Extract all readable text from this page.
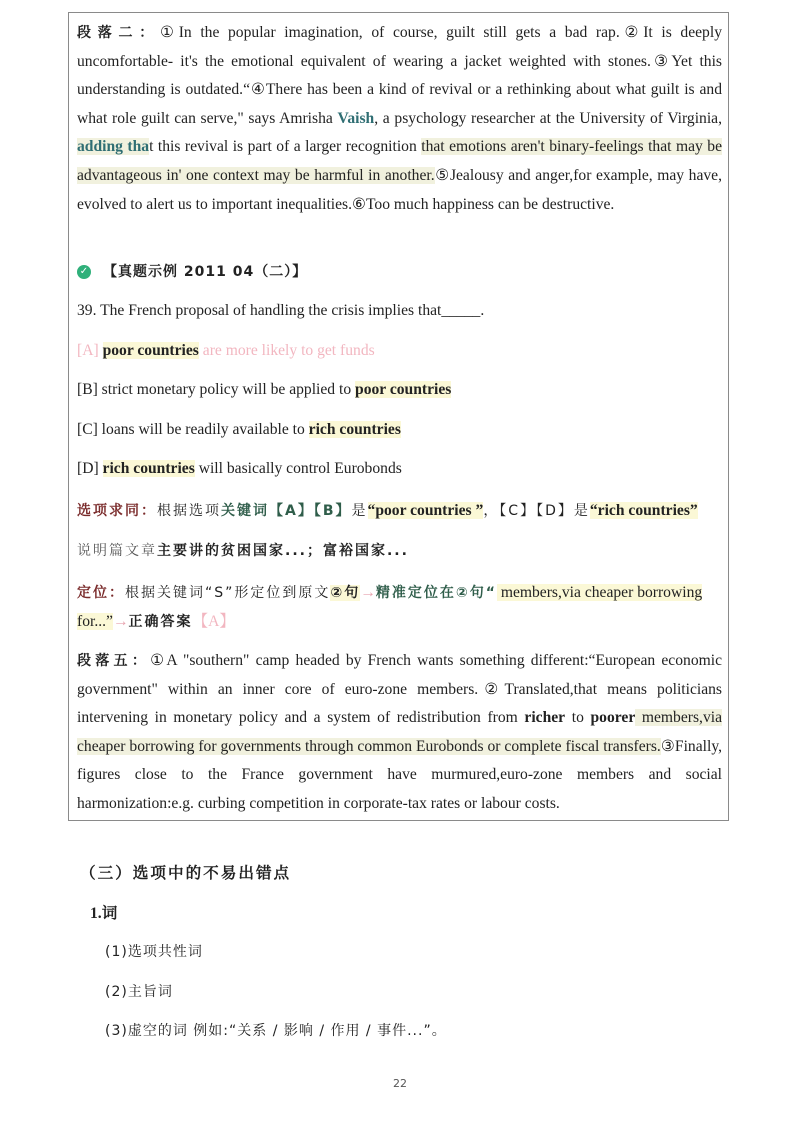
段落二：①In the popular imagination, of course, guilt still gets a bad rap.②It is deeply uncomfortable- it's the emotional equivalent of wearing a jacket weighted with stones.③Yet this understanding is outdated.“④There has been a kind of revival or a rethinking about what guilt is and what role guilt can serve," says Amrisha Vaish, a psychology researcher at the University of Virginia, adding that this revival is part of a larger recognition that emotions aren't binary-feelings that may be advantageous in' one context may be harmful in another.⑤Jealousy and anger,for example, may have, evolved to alert us to important inequalities.⑥Too much happiness can be destructive.

✓ 【真题示例 2011 04（二）】
39. The French proposal of handling the crisis implies that_____.
[A] poor countries are more likely to get funds
[B] strict monetary policy will be applied to poor countries
[C] loans will be readily available to rich countries
[D] rich countries will basically control Eurobonds
选项求同：根据选项关键词【A】【B】是“poor countries ”，【C】【D】是“rich countries”
说明篇文章主要讲的贫困国家...；富裕国家...
定位：根据关键词“S”形定位到原文②句→精准定位在②句“ members,via cheaper borrowing for...”→正确答案【A】

段落五：①A "southern" camp headed by French wants something different:“European economic government" within an inner core of euro-zone members.②Translated,that means politicians intervening in monetary policy and a system of redistribution from richer to poorer members,via cheaper borrowing for governments through common Eurobonds or complete fiscal transfers.③Finally, figures close to the France government have murmured,euro-zone members and social harmonization:e.g. curbing competition in corporate-tax rates or labour costs.

（三）选项中的不易出错点
1.词
(1)选项共性词
(2)主旨词
(3)虚空的词 例如:“关系 / 影响 / 作用 / 事件...”。
22
